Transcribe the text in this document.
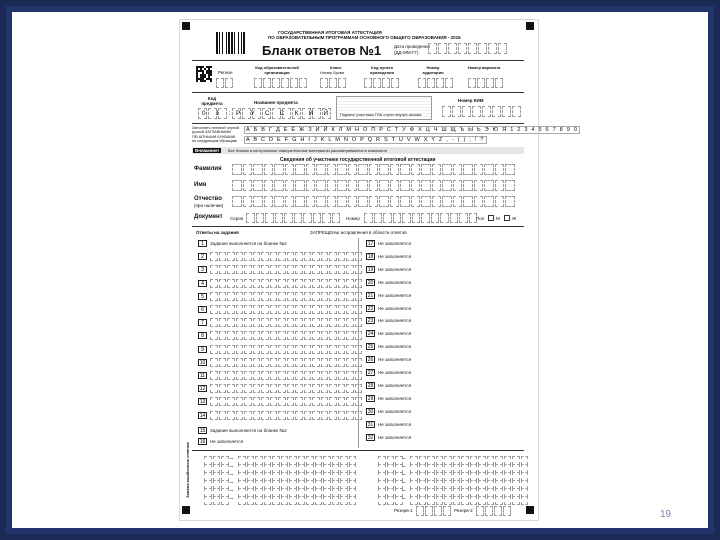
19
ГОСУДАРСТВЕННАЯ ИТОГОВАЯ АТТЕСТАЦИЯ
ПО ОБРАЗОВАТЕЛЬНЫМ ПРОГРАММАМ ОСНОВНОГО ОБЩЕГО ОБРАЗОВАНИЯ - 2016
Бланк ответов №1	Дата проведения
(ДД-ММ-ГГ)
Регион
Код образовательной организации
Класс
Номер Буква
Код пункта проведения
Номер аудитории
Номер варианта
Код предмета	Название предмета
0 1 : Р У С С К И Й Подпись участника ГИА строго внутри окошка
Номер КИМ
Заполнять гелевой черной ручкой ЗАГЛАВНЫМИ ПЕЧАТНЫМИ БУКВАМИ по следующим образцам:
А Б В Г Д Е Ё Ж З И Й К Л М Н О П Р С Т У Ф Х Ц Ч Ш Щ Ъ Ы Ь Э Ю Я 1 2 3 4 5 6 7 8 9 0
A B C D E F G H I J K L M N O P Q R S T U V W X Y Z , - ( ) ; ! ?
Внимание!	Все бланки и контрольные измерительные материалы рассматриваются в комплекте
Сведения об участнике государственной итоговой аттестации
Фамилия
Имя
Отчество
(при наличии)
Документ Серия	Номер	Пол	М	Ж
Ответы на задания	ЗАПРЕЩЕНЫ исправления в области ответов
Замена ошибочных ответов
Резерв-1	Резерв-2
1	Задание выполняется на бланке №2
2
3
4
5
6
7
8
9
10
11
12
13
14
15	Задание выполняется на бланке №2
16	Не заполняется
17	Не заполняется
18	Не заполняется
19	Не заполняется
20	Не заполняется
21	Не заполняется
22	Не заполняется
23	Не заполняется
24	Не заполняется
25	Не заполняется
26	Не заполняется
27	Не заполняется
28	Не заполняется
29	Не заполняется
30	Не заполняется
31	Не заполняется
32	Не заполняется
–	–
–	–
–	–
–	–
–	–
–	–
